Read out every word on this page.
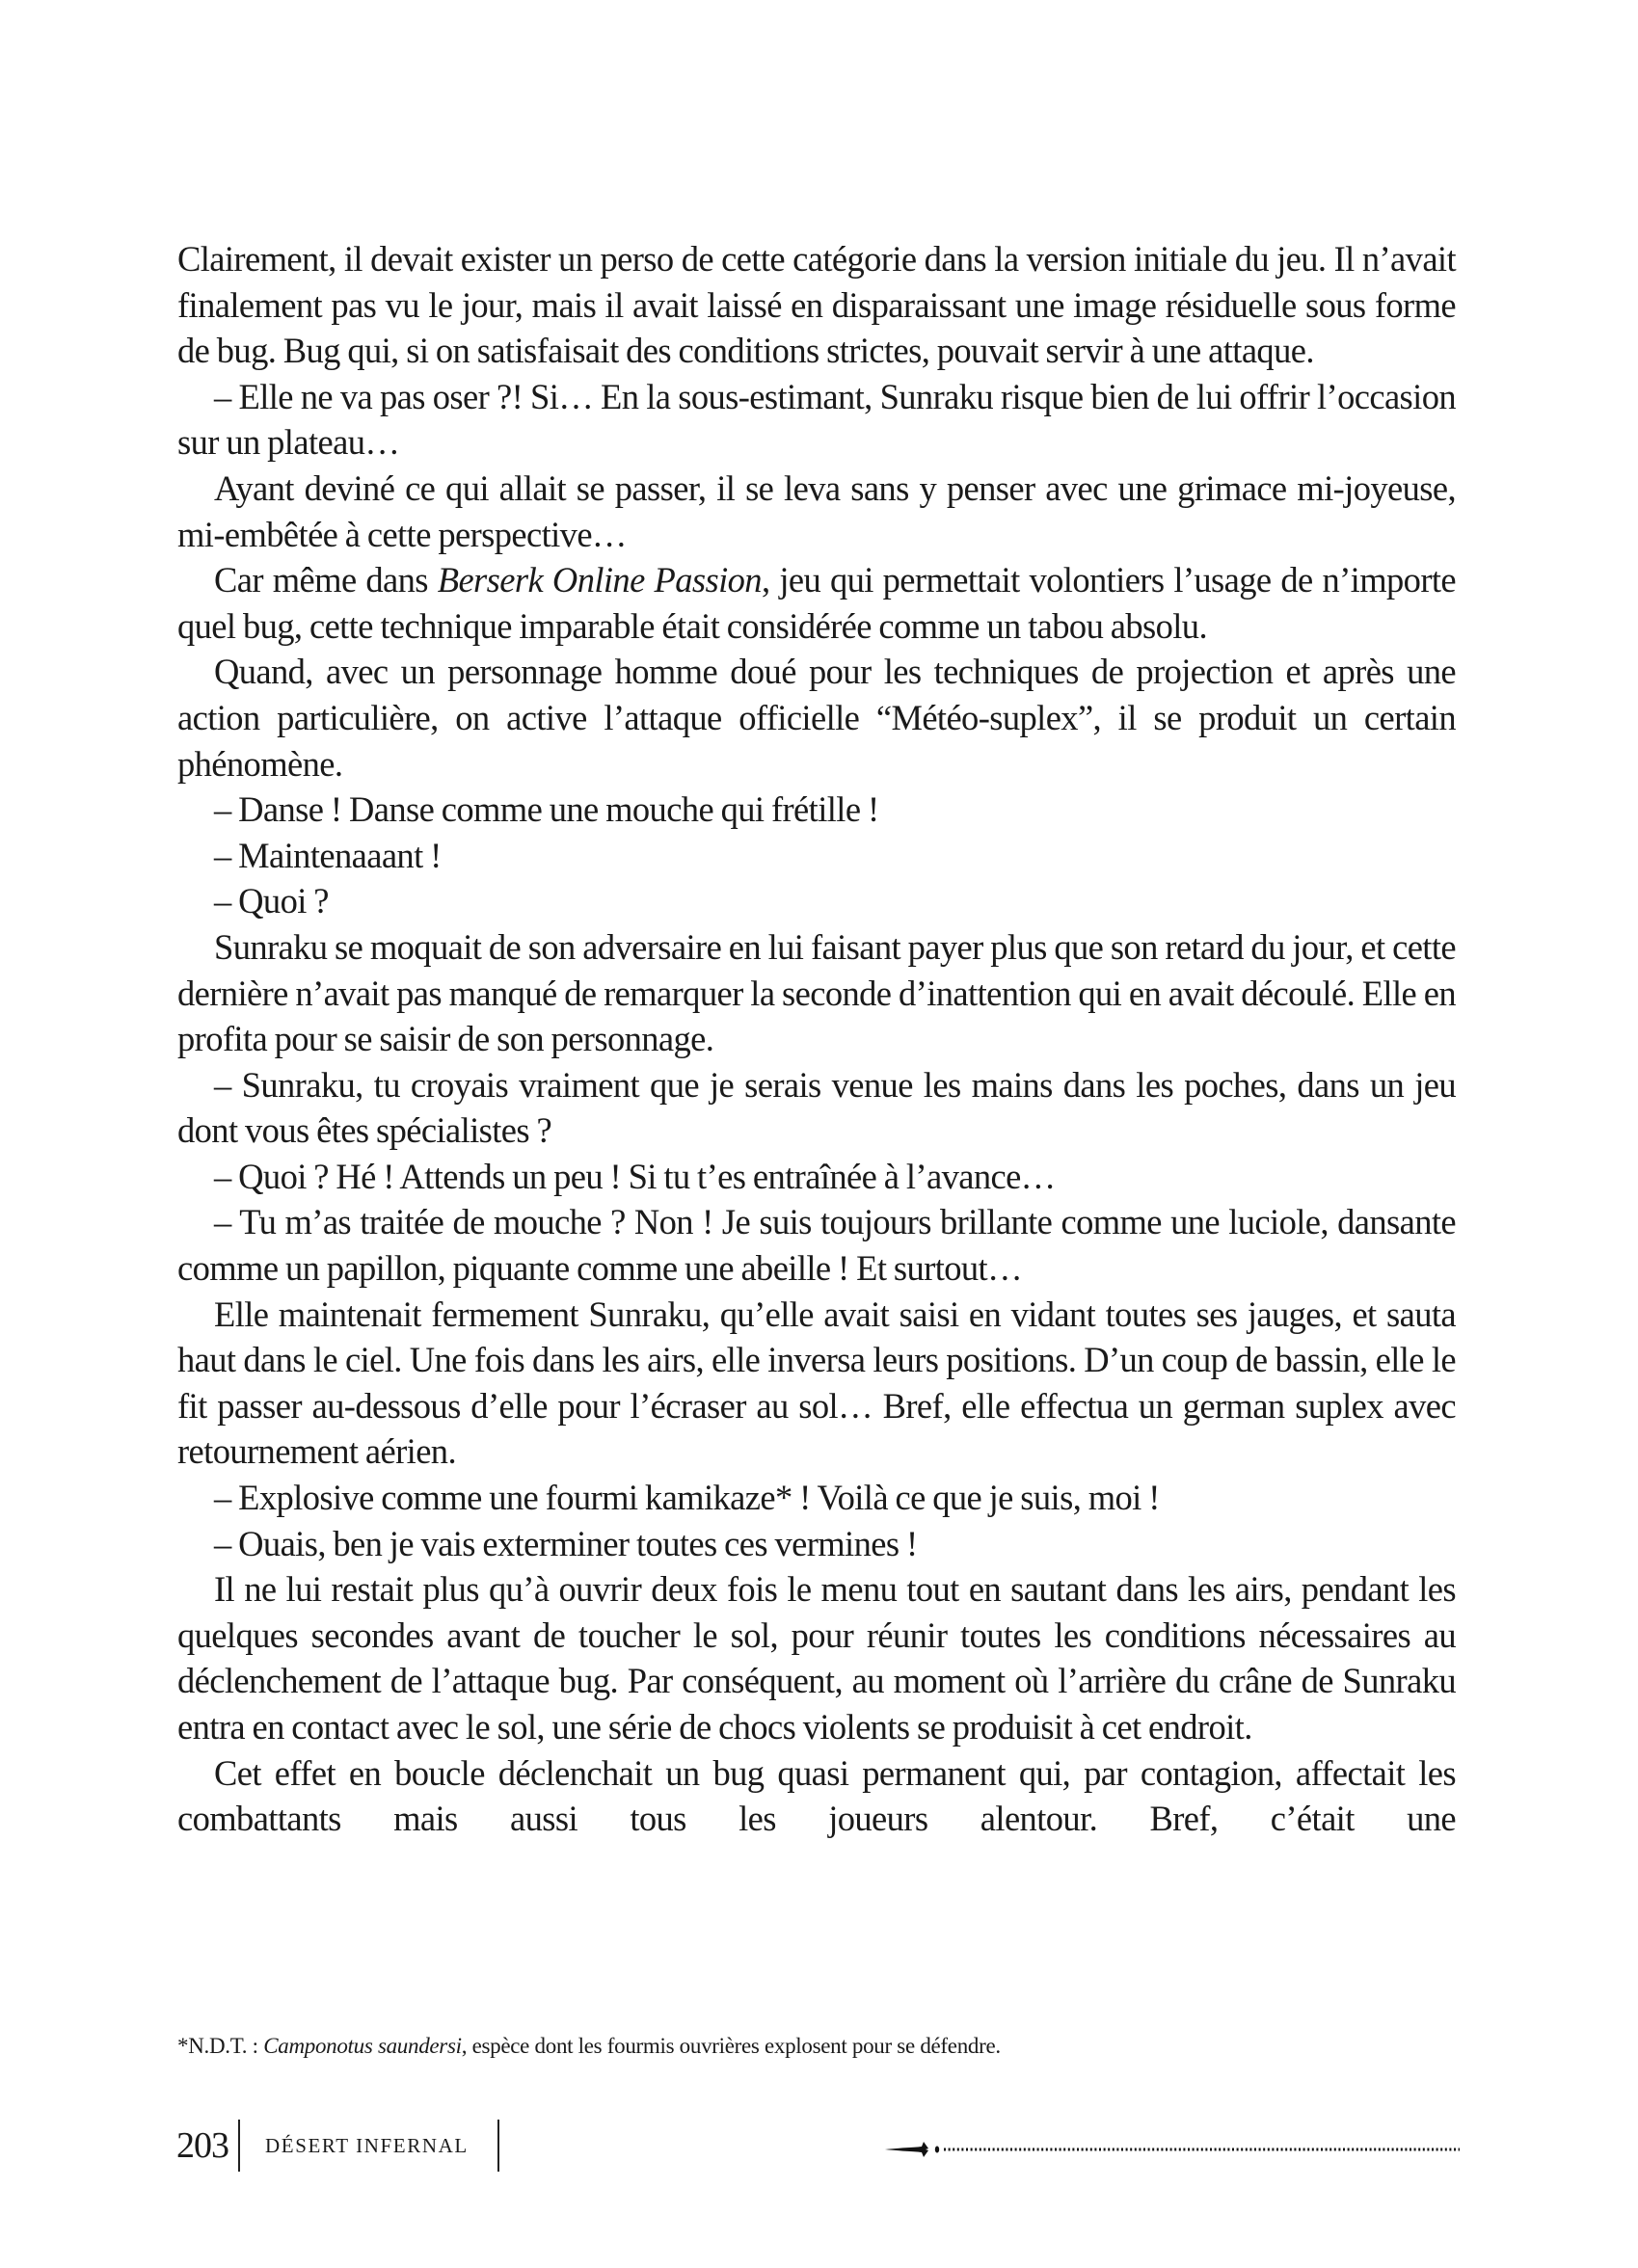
Clairement, il devait exister un perso de cette catégorie dans la version initiale du jeu. Il n’avait finalement pas vu le jour, mais il avait laissé en disparaissant une image résiduelle sous forme de bug. Bug qui, si on satisfaisait des conditions strictes, pouvait servir à une attaque.

– Elle ne va pas oser ?! Si… En la sous-estimant, Sunraku risque bien de lui offrir l’occasion sur un plateau…

Ayant deviné ce qui allait se passer, il se leva sans y penser avec une grimace mi-joyeuse, mi-embêtée à cette perspective…

Car même dans Berserk Online Passion, jeu qui permettait volontiers l’usage de n’importe quel bug, cette technique imparable était considérée comme un tabou absolu.

Quand, avec un personnage homme doué pour les techniques de projection et après une action particulière, on active l’attaque officielle “Météo-suplex”, il se produit un certain phénomène.

– Danse ! Danse comme une mouche qui frétille !

– Maintenaaant !

– Quoi ?

Sunraku se moquait de son adversaire en lui faisant payer plus que son retard du jour, et cette dernière n’avait pas manqué de remarquer la seconde d’inattention qui en avait découlé. Elle en profita pour se saisir de son personnage.

– Sunraku, tu croyais vraiment que je serais venue les mains dans les poches, dans un jeu dont vous êtes spécialistes ?

– Quoi ? Hé ! Attends un peu ! Si tu t’es entraînée à l’avance…

– Tu m’as traitée de mouche ? Non ! Je suis toujours brillante comme une luciole, dansante comme un papillon, piquante comme une abeille ! Et surtout…

Elle maintenait fermement Sunraku, qu’elle avait saisi en vidant toutes ses jauges, et sauta haut dans le ciel. Une fois dans les airs, elle inversa leurs positions. D’un coup de bassin, elle le fit passer au-dessous d’elle pour l’écraser au sol… Bref, elle effectua un german suplex avec retournement aérien.

– Explosive comme une fourmi kamikaze* ! Voilà ce que je suis, moi !

– Ouais, ben je vais exterminer toutes ces vermines !

Il ne lui restait plus qu’à ouvrir deux fois le menu tout en sautant dans les airs, pendant les quelques secondes avant de toucher le sol, pour réunir toutes les conditions nécessaires au déclenchement de l’attaque bug. Par conséquent, au moment où l’arrière du crâne de Sunraku entra en contact avec le sol, une série de chocs violents se produisit à cet endroit.

Cet effet en boucle déclenchait un bug quasi permanent qui, par contagion, affectait les combattants mais aussi tous les joueurs alentour. Bref, c’était une

*N.D.T. : Camponotus saundersi, espèce dont les fourmis ouvrières explosent pour se défendre.
203 DÉSERT INFERNAL
